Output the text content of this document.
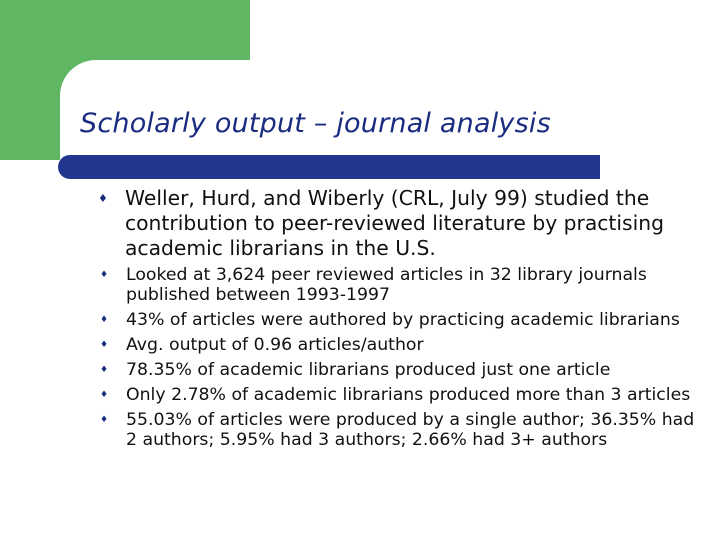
Scholarly output – journal analysis
♦ Weller, Hurd, and Wiberly (CRL, July 99) studied the contribution to peer-reviewed literature by practising academic librarians in the U.S.
♦ Looked at 3,624 peer reviewed articles in 32 library journals published between 1993-1997
♦ 43% of articles were authored by practicing academic librarians
♦ Avg. output of 0.96 articles/author
♦ 78.35% of academic librarians produced just one article
♦ Only 2.78% of academic librarians produced more than 3 articles
♦ 55.03% of articles were produced by a single author; 36.35% had 2 authors; 5.95% had 3 authors; 2.66% had 3+ authors
